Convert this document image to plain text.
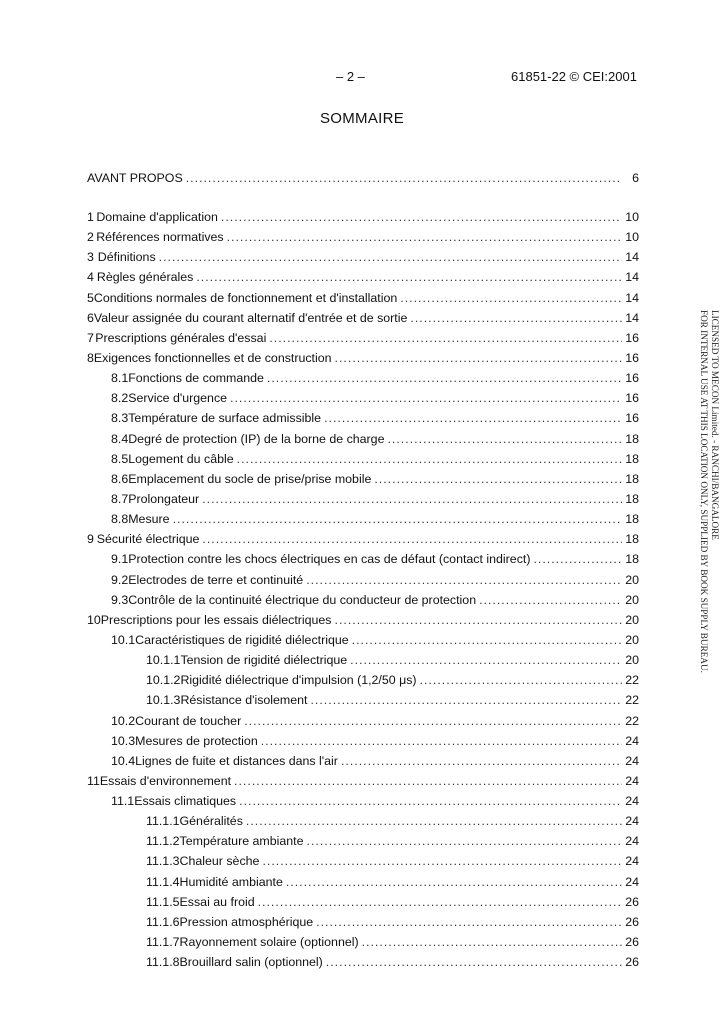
– 2 –	61851-22 © CEI:2001
SOMMAIRE
AVANT PROPOS .....	6
1 Domaine d'application .....	10
2 Références normatives .....	10
3 Définitions .....	14
4 Règles générales .....	14
5 Conditions normales de fonctionnement et d'installation .....	14
6 Valeur assignée du courant alternatif d'entrée et de sortie .....	14
7 Prescriptions générales d'essai .....	16
8 Exigences fonctionnelles et de construction .....	16
8.1 Fonctions de commande .....	16
8.2 Service d'urgence .....	16
8.3 Température de surface admissible .....	16
8.4 Degré de protection (IP) de la borne de charge .....	18
8.5 Logement du câble .....	18
8.6 Emplacement du socle de prise/prise mobile .....	18
8.7 Prolongateur .....	18
8.8 Mesure .....	18
9 Sécurité électrique .....	18
9.1 Protection contre les chocs électriques en cas de défaut (contact indirect) .....	18
9.2 Electrodes de terre et continuité .....	20
9.3 Contrôle de la continuité électrique du conducteur de protection .....	20
10 Prescriptions pour les essais diélectriques .....	20
10.1 Caractéristiques de rigidité diélectrique .....	20
10.1.1 Tension de rigidité diélectrique .....	20
10.1.2 Rigidité diélectrique d'impulsion (1,2/50 μs) .....	22
10.1.3 Résistance d'isolement .....	22
10.2 Courant de toucher .....	22
10.3 Mesures de protection .....	24
10.4 Lignes de fuite et distances dans l'air .....	24
11 Essais d'environnement .....	24
11.1 Essais climatiques .....	24
11.1.1 Généralités .....	24
11.1.2 Température ambiante .....	24
11.1.3 Chaleur sèche .....	24
11.1.4 Humidité ambiante .....	24
11.1.5 Essai au froid .....	26
11.1.6 Pression atmosphérique .....	26
11.1.7 Rayonnement solaire (optionnel) .....	26
11.1.8 Brouillard salin (optionnel) .....	26
LICENSED TO MECON Limited. - RANCHI/BANGALORE
FOR INTERNAL USE AT THIS LOCATION ONLY, SUPPLIED BY BOOK SUPPLY BUREAU.
